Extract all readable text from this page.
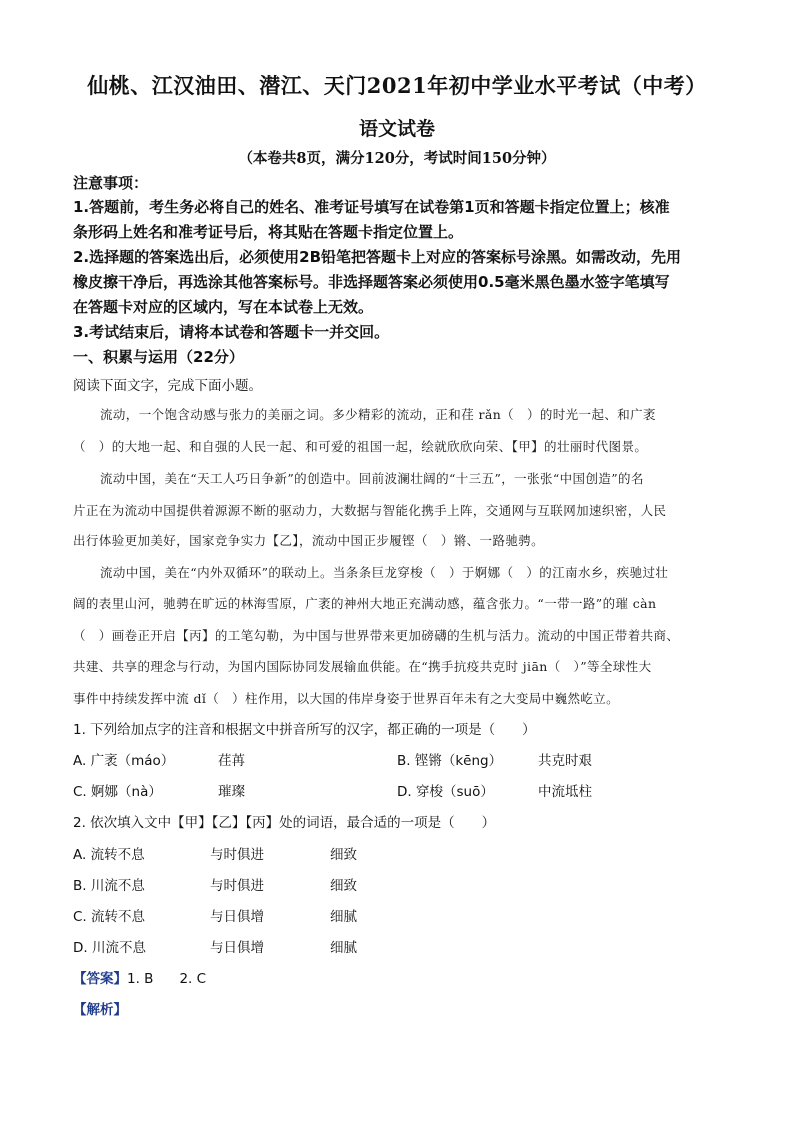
仙桃、江汉油田、潜江、天门2021年初中学业水平考试（中考）
语文试卷
（本卷共8页，满分120分，考试时间150分钟）
注意事项：
1.答题前，考生务必将自己的姓名、准考证号填写在试卷第1页和答题卡指定位置上；核准
条形码上姓名和准考证号后，将其贴在答题卡指定位置上。
2.选择题的答案选出后，必须使用2B铅笔把答题卡上对应的答案标号涂黑。如需改动，先用
橡皮擦干净后，再选涂其他答案标号。非选择题答案必须使用0.5毫米黑色墨水签字笔填写
在答题卡对应的区域内，写在本试卷上无效。
3.考试结束后，请将本试卷和答题卡一并交回。
一、积累与运用（22分）
阅读下面文字，完成下面小题。
流动，一个饱含动感与张力的美丽之词。多少精彩的流动，正和荏 rǎn（　）的时光一起、和广袤
（　）的大地一起、和自强的人民一起、和可爱的祖国一起，绘就欣欣向荣、【甲】的壮丽时代图景。
流动中国，美在“天工人巧日争新”的创造中。回前波澜壮阔的“十三五”，一张张“中国创造”的名
片正在为流动中国提供着源源不断的驱动力，大数据与智能化携手上阵，交通网与互联网加速织密，人民
出行体验更加美好，国家竞争实力【乙】，流动中国正步履铿（　）锵、一路驰骋。
流动中国，美在“内外双循环”的联动上。当条条巨龙穿梭（　）于婀娜（　）的江南水乡，疾驰过壮
阔的表里山河，驰骋在旷远的林海雪原，广袤的神州大地正充满动感，蕴含张力。“一带一路”的璀 càn
（　）画卷正开启【丙】的工笔勾勒，为中国与世界带来更加磅礴的生机与活力。流动的中国正带着共商、
共建、共享的理念与行动，为国内国际协同发展输血供能。在“携手抗疫共克时 jiān（　）”等全球性大
事件中持续发挥中流 dǐ（　）柱作用，以大国的伟岸身姿于世界百年未有之大变局中巍然屹立。
1. 下列给加点字的注音和根据文中拼音所写的汉字，都正确的一项是（　　）
A. 广袤（máo）	荏苒	B. 铿锵（kēng）	共克时艰
C. 婀娜（nà）	璀璨	D. 穿梭（suō）	中流坻柱
2. 依次填入文中【甲】【乙】【丙】处的词语，最合适的一项是（　　）
A. 流转不息	与时俱进	细致
B. 川流不息	与时俱进	细致
C. 流转不息	与日俱增	细腻
D. 川流不息	与日俱增	细腻
【答案】1. B 2. C
【解析】
